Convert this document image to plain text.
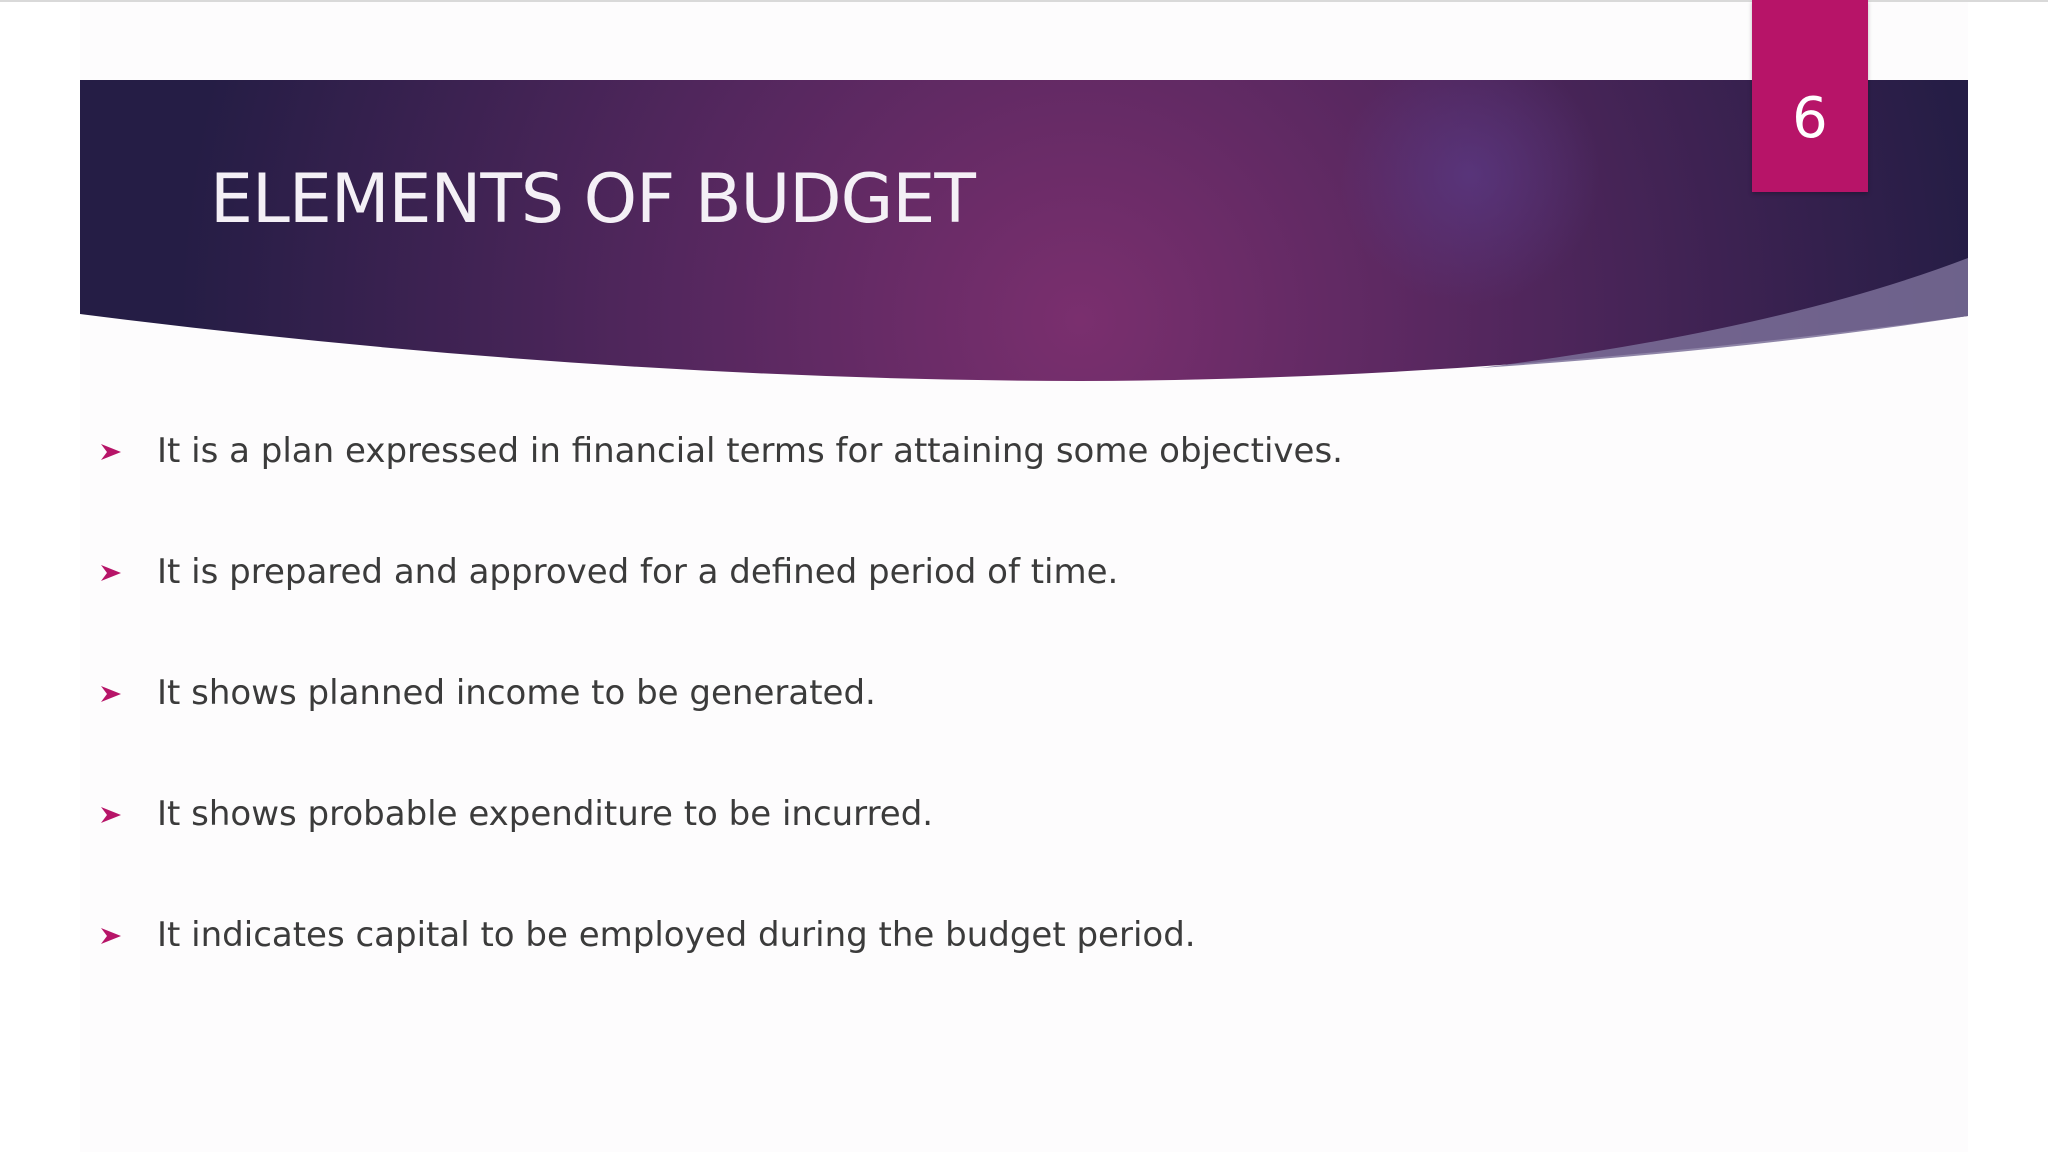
ELEMENTS OF BUDGET
6
It is a plan expressed in financial terms for attaining some objectives.
It is prepared and approved for a defined period of time.
It shows planned income to be generated.
It shows probable expenditure to be incurred.
It indicates capital to be employed during the budget period.
